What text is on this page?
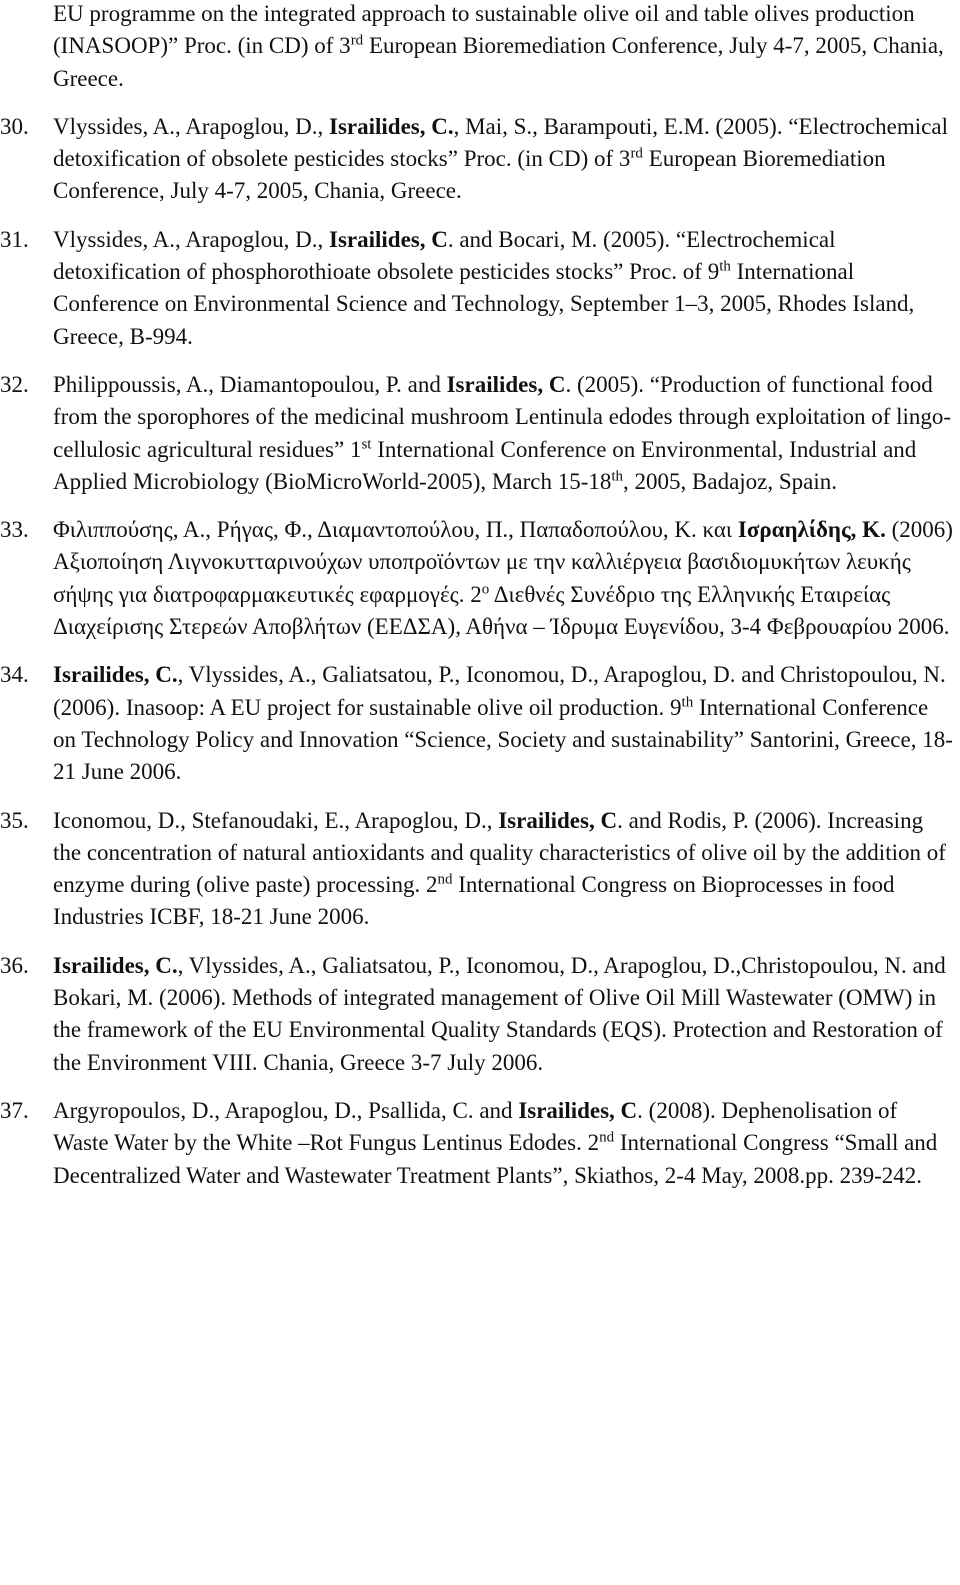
EU programme on the integrated approach to sustainable olive oil and table olives production (INASOOP)” Proc. (in CD) of 3rd European Bioremediation Conference, July 4-7, 2005, Chania, Greece.
30.	Vlyssides, A., Arapoglou, D., Israilides, C., Mai, S., Barampouti, E.M. (2005). “Electrochemical detoxification of obsolete pesticides stocks” Proc. (in CD) of 3rd European Bioremediation Conference, July 4-7, 2005, Chania, Greece.
31.	Vlyssides, A., Arapoglou, D., Israilides, C. and Bocari, M. (2005). “Electrochemical detoxification of phosphorothioate obsolete pesticides stocks” Proc. of 9th International Conference on Environmental Science and Technology, September 1–3, 2005, Rhodes Island, Greece, B-994.
32.	Philippoussis, A., Diamantopoulou, P. and Israilides, C. (2005). “Production of functional food from the sporophores of the medicinal mushroom Lentinula edodes through exploitation of lingo-cellulosic agricultural residues” 1st International Conference on Environmental, Industrial and Applied Microbiology (BioMicroWorld-2005), March 15-18th, 2005, Badajoz, Spain.
33.	Φιλιππούσης, Α., Ρήγας, Φ., Διαμαντοπούλου, Π., Παπαδοπούλου, Κ. και Ισραηλίδης, Κ. (2006) Αξιοποίηση Λιγνοκυτταρινούχων υποπροϊόντων με την καλλιέργεια βασιδιομυκήτων λευκής σήψης για διατροφαρμακευτικές εφαρμογές. $2^o$ Διεθνές Συνέδριο της Ελληνικής Εταιρείας Διαχείρισης Στερεών Αποβλήτων (ΕΕΔΣΑ), Αθήνα – Ίδρυμα Ευγενίδου, 3-4 Φεβρουαρίου 2006.
34.	Israilides, C., Vlyssides, A., Galiatsatou, P., Iconomou, D., Arapoglou, D. and Christopoulou, N. (2006). Inasoop: A EU project for sustainable olive oil production. 9th International Conference on Technology Policy and Innovation “Science, Society and sustainability” Santorini, Greece, 18-21 June 2006.
35.	Iconomou, D., Stefanoudaki, E., Arapoglou, D., Israilides, C. and Rodis, P. (2006). Increasing the concentration of natural antioxidants and quality characteristics of olive oil by the addition of enzyme during (olive paste) processing. 2nd International Congress on Bioprocesses in food Industries ICBF, 18-21 June 2006.
36.	Israilides, C., Vlyssides, A., Galiatsatou, P., Iconomou, D., Arapoglou, D.,Christopoulou, N. and Bokari, M. (2006). Methods of integrated management of Olive Oil Mill Wastewater (OMW) in the framework of the EU Environmental Quality Standards (EQS). Protection and Restoration of the Environment VIII. Chania, Greece 3-7 July 2006.
37.	Argyropoulos, D., Arapoglou, D., Psallida, C. and Israilides, C. (2008). Dephenolisation of Waste Water by the White –Rot Fungus Lentinus Edodes. 2nd International Congress “Small and Decentralized Water and Wastewater Treatment Plants”, Skiathos, 2-4 May, 2008.pp. 239-242.
